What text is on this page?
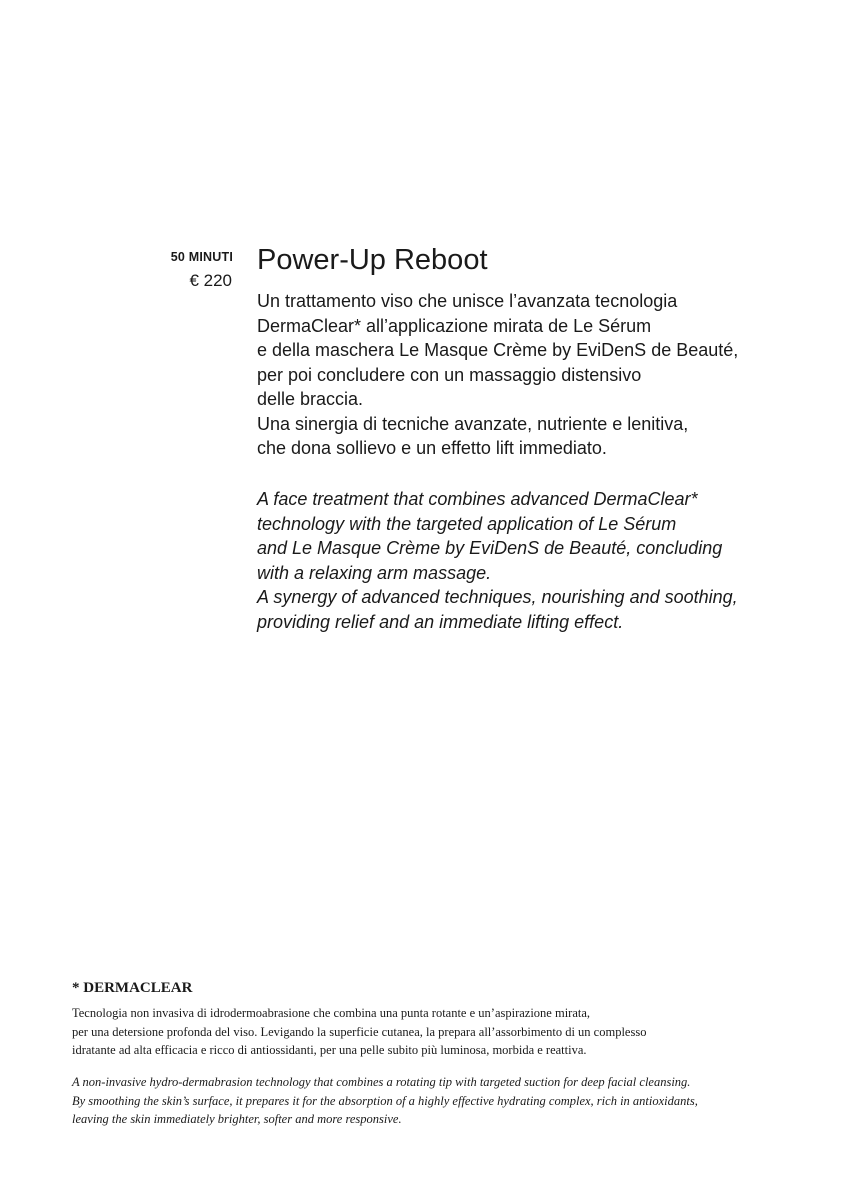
50 MINUTI
€ 220
Power-Up Reboot

Un trattamento viso che unisce l’avanzata tecnologia
DermaClear* all’applicazione mirata de Le Sérum
e della maschera Le Masque Crème by EviDenS de Beauté,
per poi concludere con un massaggio distensivo
delle braccia.
Una sinergia di tecniche avanzate, nutriente e lenitiva,
che dona sollievo e un effetto lift immediato.

A face treatment that combines advanced DermaClear*
technology with the targeted application of Le Sérum
and Le Masque Crème by EviDenS de Beauté, concluding
with a relaxing arm massage.
A synergy of advanced techniques, nourishing and soothing,
providing relief and an immediate lifting effect.

* DERMACLEAR

Tecnologia non invasiva di idrodermoabrasione che combina una punta rotante e un’aspirazione mirata,
per una detersione profonda del viso. Levigando la superficie cutanea, la prepara all’assorbimento di un complesso
idratante ad alta efficacia e ricco di antiossidanti, per una pelle subito più luminosa, morbida e reattiva.

A non-invasive hydro-dermabrasion technology that combines a rotating tip with targeted suction for deep facial cleansing.
By smoothing the skin’s surface, it prepares it for the absorption of a highly effective hydrating complex, rich in antioxidants,
leaving the skin immediately brighter, softer and more responsive.
